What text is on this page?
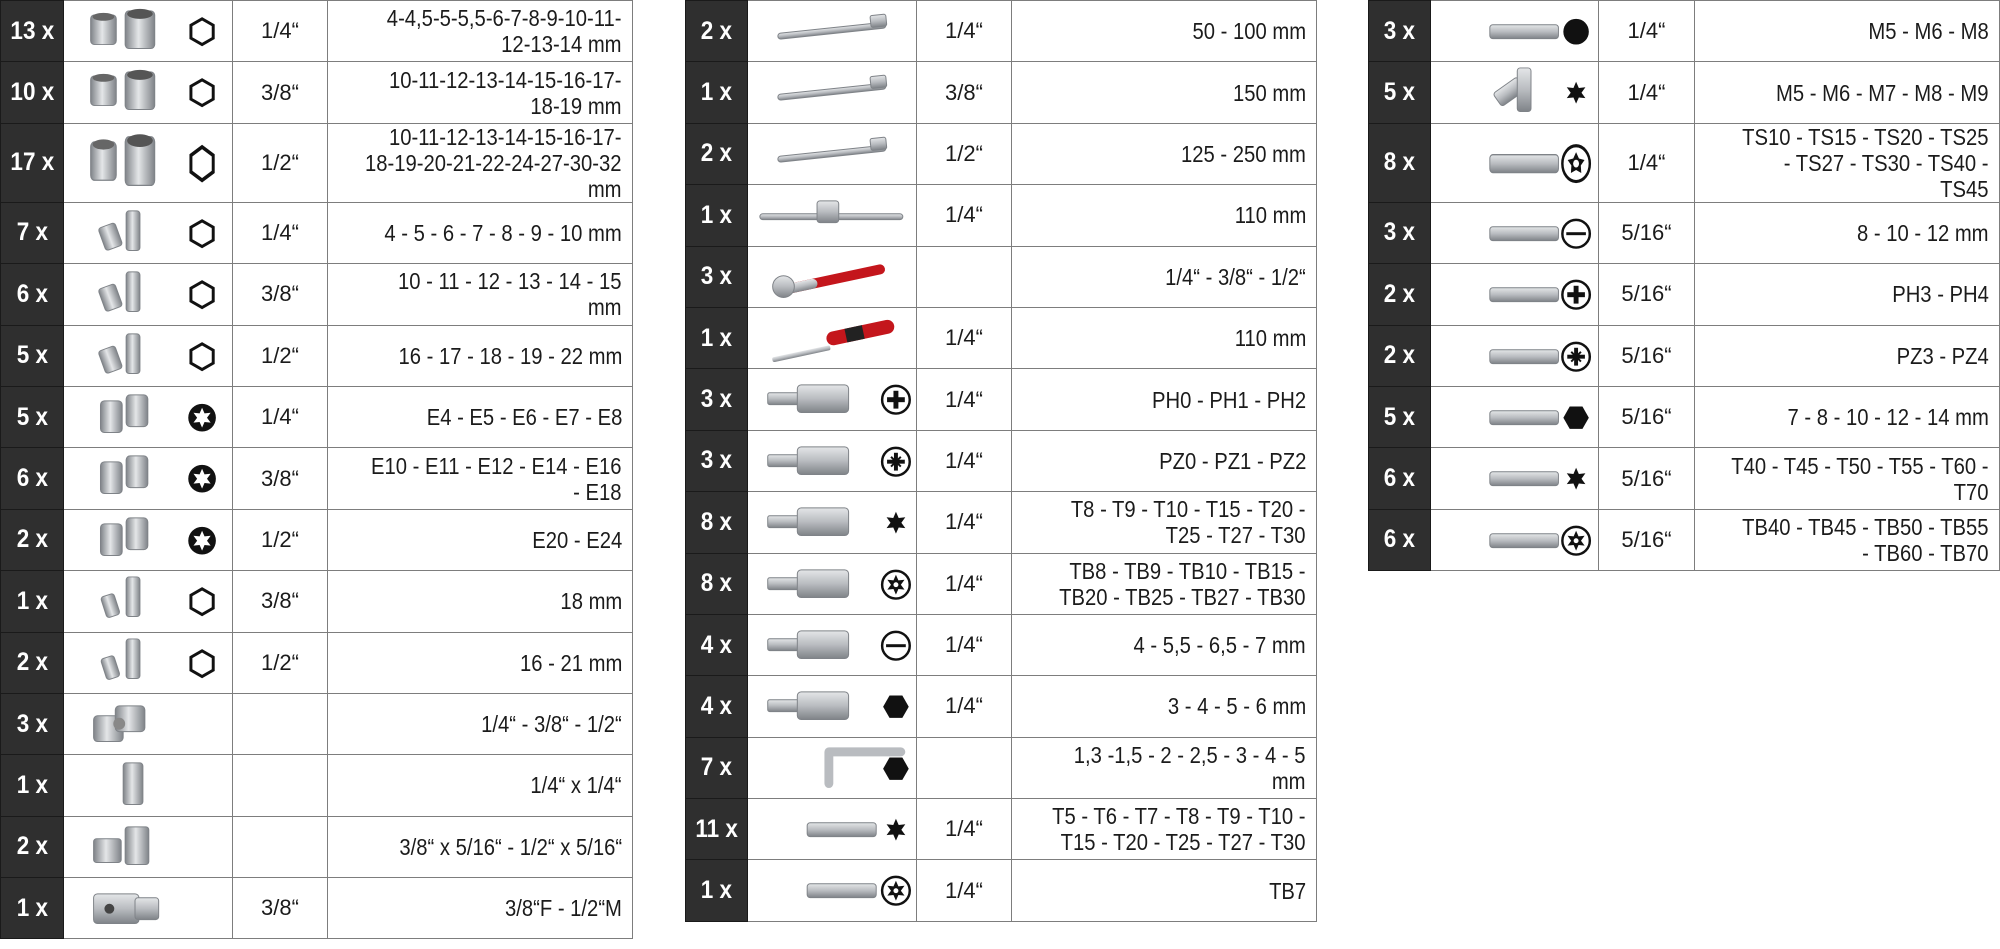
13 x		1/4“	4-4,5-5-5,5-6-7-8-9-10-11-12-13-14 mm
10 x		3/8“	10-11-12-13-14-15-16-17-18-19 mm
17 x		1/2“	10-11-12-13-14-15-16-17-18-19-20-21-22-24-27-30-32 mm
7 x		1/4“	4 - 5 - 6 - 7 - 8 - 9 - 10 mm
6 x		3/8“	10 - 11 - 12 - 13 - 14 - 15 mm
5 x		1/2“	16 - 17 - 18 - 19 - 22 mm
5 x		1/4“	E4 - E5 - E6 - E7 - E8
6 x		3/8“	E10 - E11 - E12 - E14 - E16 - E18
2 x		1/2“	E20 - E24
1 x		3/8“	18 mm
2 x		1/2“	16 - 21 mm
3 x			1/4“ - 3/8“ - 1/2“
1 x			1/4“ x 1/4“
2 x			3/8“ x 5/16“ - 1/2“ x 5/16“
1 x		3/8“	3/8“F - 1/2“M
2 x		1/4“	50 - 100 mm
1 x		3/8“	150 mm
2 x		1/2“	125 - 250 mm
1 x		1/4“	110 mm
3 x			1/4“ - 3/8“ - 1/2“
1 x		1/4“	110 mm
3 x		1/4“	PH0 - PH1 - PH2
3 x		1/4“	PZ0 - PZ1 - PZ2
8 x		1/4“	T8 - T9 - T10 - T15 - T20 - T25 - T27 - T30
8 x		1/4“	TB8 - TB9 - TB10 - TB15 - TB20 - TB25 - TB27 - TB30
4 x		1/4“	4 - 5,5 - 6,5 - 7 mm
4 x		1/4“	3 - 4 - 5 - 6 mm
7 x			1,3 -1,5 - 2 - 2,5 - 3 - 4 - 5 mm
11 x		1/4“	T5 - T6 - T7 - T8 - T9 - T10 - T15 - T20 - T25 - T27 - T30
1 x		1/4“	TB7
3 x		1/4“	M5 - M6 - M8
5 x		1/4“	M5 - M6 - M7 - M8 - M9
8 x		1/4“	TS10 - TS15 - TS20 - TS25 - TS27 - TS30 - TS40 - TS45
3 x		5/16“	8 - 10 - 12 mm
2 x		5/16“	PH3 - PH4
2 x		5/16“	PZ3 - PZ4
5 x		5/16“	7 - 8 - 10 - 12 - 14 mm
6 x		5/16“	T40 - T45 - T50 - T55 - T60 - T70
6 x		5/16“	TB40 - TB45 - TB50 - TB55 - TB60 - TB70
